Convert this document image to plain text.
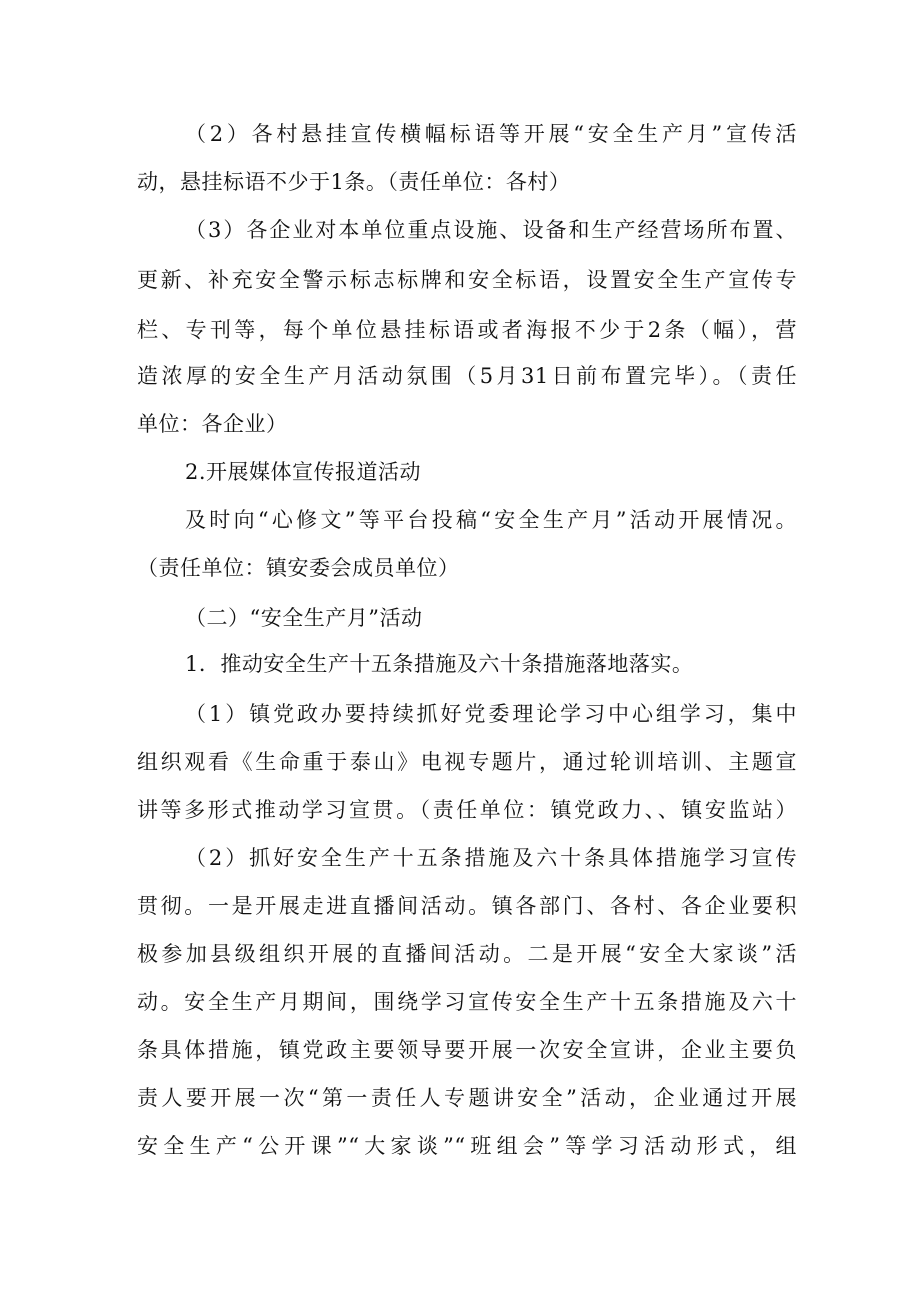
（2）各村悬挂宣传横幅标语等开展“安全生产月”宣传活
动，悬挂标语不少于1条。（责任单位：各村）
（3）各企业对本单位重点设施、设备和生产经营场所布置、
更新、补充安全警示标志标牌和安全标语，设置安全生产宣传专
栏、专刊等，每个单位悬挂标语或者海报不少于2条（幅），营
造浓厚的安全生产月活动氛围（5月31日前布置完毕）。（责任
单位：各企业）
2.开展媒体宣传报道活动
及时向“心修文”等平台投稿“安全生产月”活动开展情况。
（责任单位：镇安委会成员单位）
（二）“安全生产月”活动
1．推动安全生产十五条措施及六十条措施落地落实。
（1）镇党政办要持续抓好党委理论学习中心组学习，集中
组织观看《生命重于泰山》电视专题片，通过轮训培训、主题宣
讲等多形式推动学习宣贯。（责任单位：镇党政力、、镇安监站）
（2）抓好安全生产十五条措施及六十条具体措施学习宣传
贯彻。一是开展走进直播间活动。镇各部门、各村、各企业要积
极参加县级组织开展的直播间活动。二是开展“安全大家谈”活
动。安全生产月期间，围绕学习宣传安全生产十五条措施及六十
条具体措施，镇党政主要领导要开展一次安全宣讲，企业主要负
责人要开展一次“第一责任人专题讲安全”活动，企业通过开展
安全生产“公开课”“大家谈”“班组会”等学习活动形式，组
